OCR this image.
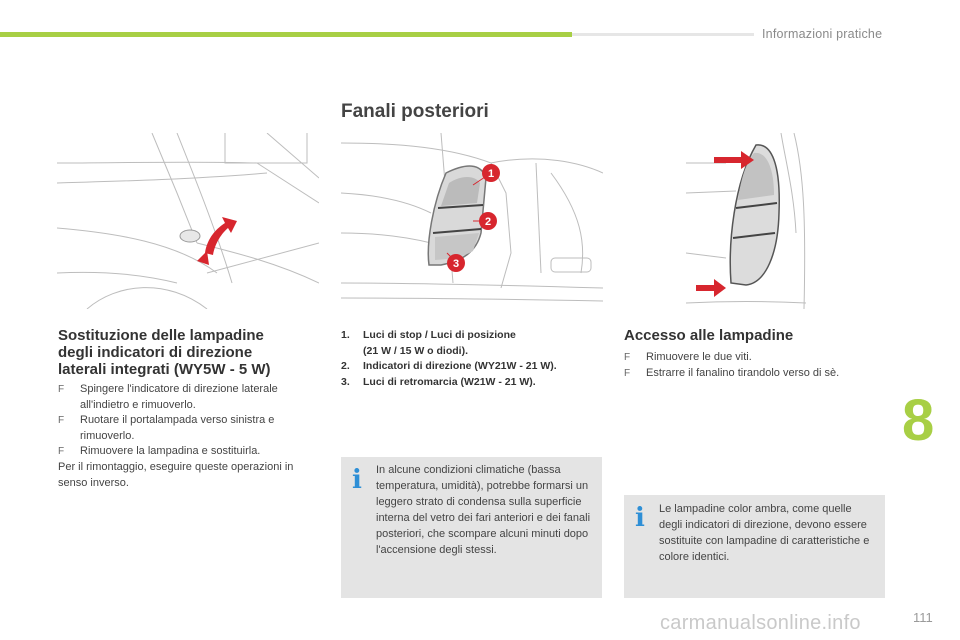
Informazioni pratiche
Fanali posteriori
1
2
3
Sostituzione delle lampadine degli indicatori di direzione laterali integrati (WY5W - 5 W)
F Spingere l'indicatore di direzione laterale all'indietro e rimuoverlo.
F Ruotare il portalampada verso sinistra e rimuoverlo.
F Rimuovere la lampadina e sostituirla.

Per il rimontaggio, eseguire queste operazioni in senso inverso.

1. Luci di stop / Luci di posizione
(21 W / 15 W o diodi).
2. Indicatori di direzione (WY21W - 21 W).
3. Luci di retromarcia (W21W - 21 W).
i In alcune condizioni climatiche (bassa temperatura, umidità), potrebbe formarsi un leggero strato di condensa sulla superficie interna del vetro dei fari anteriori e dei fanali posteriori, che scompare alcuni minuti dopo l'accensione degli stessi.

Accesso alle lampadine
F Rimuovere le due viti.
F Estrarre il fanalino tirandolo verso di sè.
i Le lampadine color ambra, come quelle degli indicatori di direzione, devono essere sostituite con lampadine di caratteristiche e colore identici.

8
111
carmanualsonline.info
